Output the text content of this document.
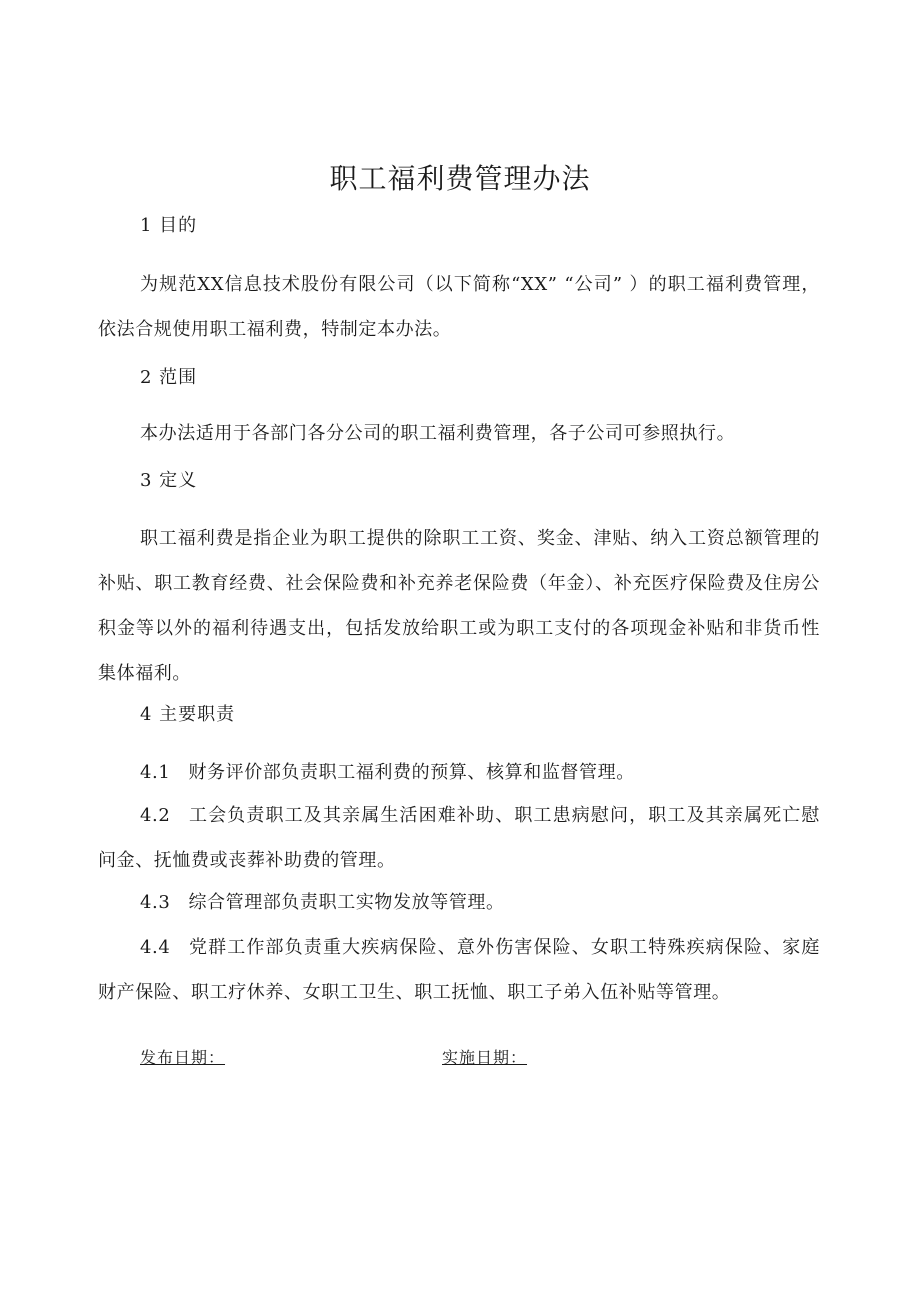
职工福利费管理办法
1 目的
为规范XX信息技术股份有限公司（以下简称“XX” “公司” ）的职工福利费管理，依法合规使用职工福利费，特制定本办法。
2 范围
本办法适用于各部门各分公司的职工福利费管理，各子公司可参照执行。
3 定义
职工福利费是指企业为职工提供的除职工工资、奖金、津贴、纳入工资总额管理的补贴、职工教育经费、社会保险费和补充养老保险费（年金）、补充医疗保险费及住房公积金等以外的福利待遇支出，包括发放给职工或为职工支付的各项现金补贴和非货币性集体福利。
4 主要职责
4.1 财务评价部负责职工福利费的预算、核算和监督管理。
4.2 工会负责职工及其亲属生活困难补助、职工患病慰问，职工及其亲属死亡慰问金、抚恤费或丧葬补助费的管理。
4.3 综合管理部负责职工实物发放等管理。
4.4 党群工作部负责重大疾病保险、意外伤害保险、女职工特殊疾病保险、家庭财产保险、职工疗休养、女职工卫生、职工抚恤、职工子弟入伍补贴等管理。
发布日期：	实施日期：
